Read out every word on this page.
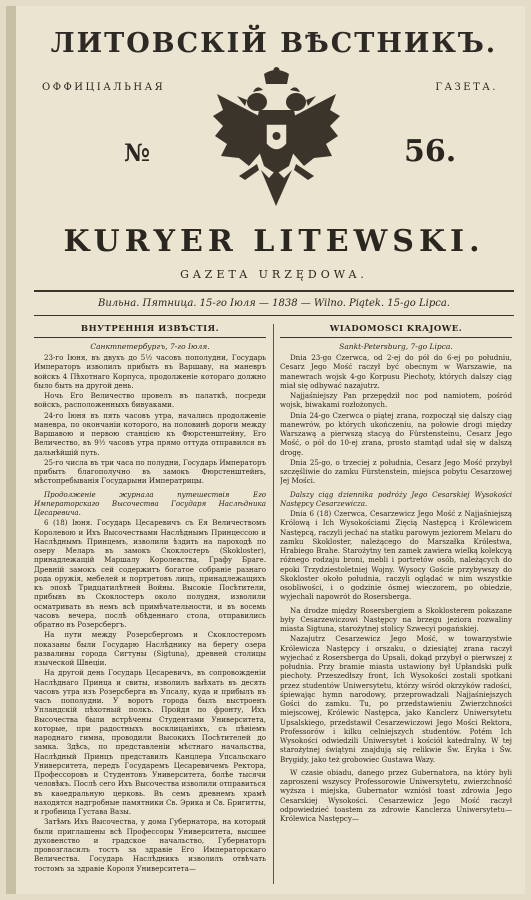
ЛИТОВСКІЙ ВѢСТНИКЪ.
ОФФИЦІАЛЬНАЯ	ГАЗЕТА.
№	56.
KURYER LITEWSKI.
GAZETA URZĘDOWA.
Вильна. Пятница. 15-го Іюля — 1838 — Wilno. Piątek. 15-go Lipca.
ВНУТРЕННІЯ ИЗВѢСТІЯ.
Санктпетербургъ, 7-го Іюля.

23-го Іюня, въ двухъ до 5½ часовъ пополудни, Государь Императоръ изволилъ прибыть въ Варшаву, на маневръ войскъ 4 Пѣхотнаго Корпуса, продолженіе котораго должно было быть на другой день.

Ночь Его Величество провелъ въ палаткѣ, посреди войскъ, расположенныхъ бивуаками.

24-го Іюня въ пять часовъ утра, начались продолженіе маневра, по окончаніи которого, на половинѣ дороги между Варшавою и первою станцією къ Фюрстенштейну, Его Величество, въ 9½ часовъ утра прямо оттуда отправился въ дальнѣйшій путь.

25-го числа въ три часа по полудни, Государь Императоръ прибыть благополучно въ замокъ Фюрстенштейнъ, мѣстопребыванія Государыни Императрицы.

Продолженіе журнала путешествія Его Императорскаго Высочества Государя Наслѣдника Цесаревича.

6 (18) Іюня. Государь Цесаревичъ съ Ея Величествомъ Королевою и Ихъ Высочествами Наслѣднымъ Принцессою и Наслѣднымъ Принцемъ, изволили ѣздить на пароходѣ по озеру Меларъ въ замокъ Скоклостеръ (Skokloster), принадлежащій Маршалу Королевства, Графу Браге. Древній замокъ сей содержитъ богатое собраніе разнаго рода оружія, мебелей и портретовъ лицъ, принадлежащихъ къ эпохѣ Тридцатилѣтней Войны. Высокіе Посѣтители, прибывъ въ Скоклостеръ около полудня, изволили осматривать въ немъ всѣ примѣчательности, и въ восемь часовъ вечера, послѣ обѣденнаго стола, отправились обратно въ Розерсбергъ.

На пути между Розерсбергомъ и Скоклостеромъ показаны были Государю Наслѣднику на берегу озера развалины города Сигтуны (Sigtuna), древней столицы языческой Швеціи.

На другой день Государь Цесаревичъ, въ сопровожденіи Наслѣднаго Принца и свиты, изволилъ выѣхать въ десять часовъ утра изъ Розерсберга въ Упсалу, куда и прибылъ въ часъ пополудни. У воротъ города былъ выстроенъ Упландскій пѣхотный полкъ. Пройдя по фронту, Ихъ Высочества были встрѣчены Студентами Университета, которые, при радостныхъ восклицаніяхъ, съ пѣніемъ народнаго гимна, проводили Высокихъ Посѣтителей до замка. Здѣсь, по представленіи мѣстнаго начальства, Наслѣдный Принцъ представилъ Канцлера Упсальскаго Университета, передъ Государемъ Цесаревичемъ Ректора, Профессоровъ и Студентовъ Университета, болѣе тысячи человѣкъ. Послѣ сего Ихъ Высочества изволили отправиться въ каѳедральную церковь. Въ семъ древнемъ храмѣ находятся надгробные памятники Св. Эрика и Св. Бригитты, и гробница Густава Вазы.

Затѣмъ Ихъ Высочества, у дома Губернатора, на который были приглашены всѣ Профессоры Университета, высшее духовенство и градское начальство, Губернаторъ провозгласилъ тостъ за здравіе Его Императорскаго Величества. Государь Наслѣдникъ изволилъ отвѣчать тостомъ за здравіе Короля Университета—

WIADOMOŚCI KRAJOWE.
Sankt-Petersburg, 7-go Lipca.

Dnia 23-go Czerwca, od 2-ej do pół do 6-ej po południu, Cesarz Jego Mość raczył być obecnym w Warszawie, na manewrach wojsk 4-go Korpusu Piechoty, których dalszy ciąg miał się odbywać nazajutrz.

Najjaśniejszy Pan przepędził noc pod namiotem, pośród wojsk, biwakami rozłożonych.

Dnia 24-go Czerwca o piątej zrana, rozpoczął się dalszy ciąg manewrów, po których ukończeniu, na połowie drogi między Warszawą a pierwszą stacyą do Fürstensteinu, Cesarz Jego Mość, o pół do 10-ej zrana, prosto stamtąd udał się w dalszą drogę.

Dnia 25-go, o trzeciej z południa, Cesarz Jego Mość przybył szczęśliwie do zamku Fürstenstein, miejsca pobytu Cesarzowej Jej Mości.

Dalszy ciąg dziennika podróży Jego Cesarskiej Wysokości Następcy Cesarzewicza.

Dnia 6 (18) Czerwca, Cesarzewicz Jego Mość z Najjaśniejszą Królową i Ich Wysokościami Zięcią Następcą i Królewicem Następcą, raczyli jechać na statku parowym jeziorem Melaru do zamku Skokloster, należącego do Marszałka Królestwa, Hrabiego Brahe. Starożytny ten zamek zawiera wielką kolekcyą różnego rodzaju broni, mebli i portretów osób, należących do epoki Trzydziestoletniej Wojny. Wysocy Goście przybywszy do Skokloster około południa, raczyli oglądać w nim wszystkie osobliwości, i o godzinie ósmej wieczorem, po obiedzie, wyjechali napowrót do Rosersberga.

Na drodze między Rosersbergiem a Skoklosterem pokazane były Cesarzewiczowi Następcy na brzegu jeziora rozwaliny miasta Sigtuna, starożytnej stolicy Szwecyi pogańskiej.

Nazajutrz Cesarzewicz Jego Mość, w towarzystwie Królewicza Następcy i orszaku, o dziesiątej zrana raczył wyjechać z Rosersberga do Upsali, dokąd przybył o pierwszej z południa. Przy bramie miasta ustawiony był Upłandski pułk piechoty. Przeszedłszy front, Ich Wysokości zostali spotkani przez studentów Uniwersytetu, którzy wśród okrzyków radości, śpiewając hymn narodowy, przeprowadzali Najjaśniejszych Gości do zamku. Tu, po przedstawieniu Zwierzchności miejscowej, Królewic Następca, jako Kanclerz Uniwersytetu Upsalskiego, przedstawił Cesarzewiczowi Jego Mości Rektora, Professorów i kilku celniejszych studentów. Potém Ich Wysokości odwiedzili Uniwersytet i kościół katedralny. W tej starożytnej świątyni znajdują się relikwie Św. Eryka i Św. Brygidy, jako też grobowiec Gustawa Wazy.

W czasie obiadu, danego przez Gubernatora, na który byli zaproszeni wszyscy Professorowie Uniwersytetu, zwierzchność wyższa i miejska, Gubernator wzniósł toast zdrowia Jego Cesarskiej Wysokości. Cesarzewicz Jego Mość raczył odpowiedzieć toastem za zdrowie Kanclerza Uniwersytetu—Królewica Następcy—
